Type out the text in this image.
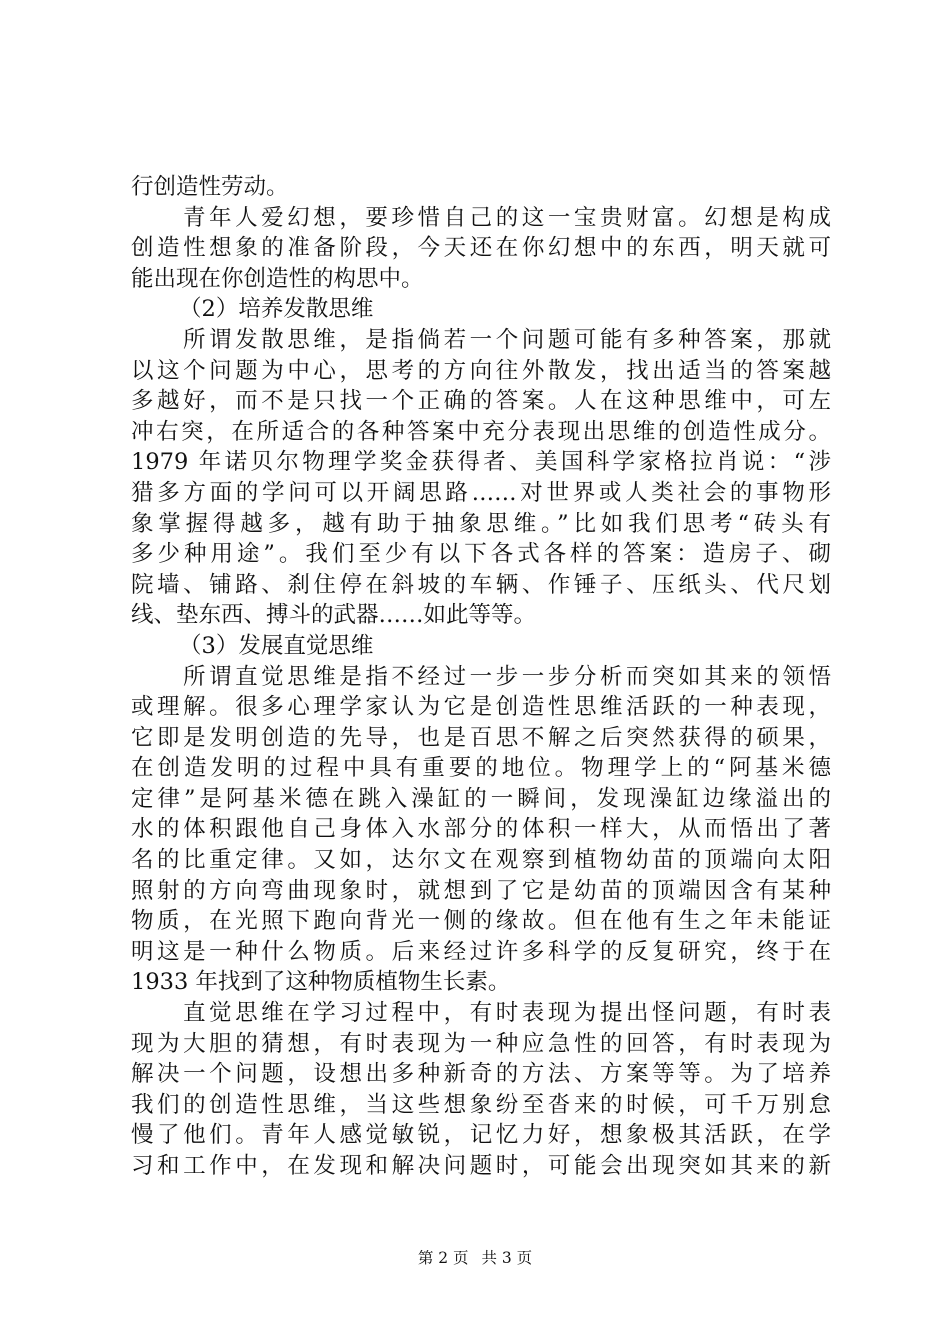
行创造性劳动。
青年人爱幻想，要珍惜自己的这一宝贵财富。幻想是构成
创造性想象的准备阶段，今天还在你幻想中的东西，明天就可
能出现在你创造性的构思中。
（2）培养发散思维
所谓发散思维，是指倘若一个问题可能有多种答案，那就
以这个问题为中心，思考的方向往外散发，找出适当的答案越
多越好，而不是只找一个正确的答案。人在这种思维中，可左
冲右突，在所适合的各种答案中充分表现出思维的创造性成分。
1979 年诺贝尔物理学奖金获得者、美国科学家格拉肖说：“涉
猎多方面的学问可以开阔思路……对世界或人类社会的事物形
象掌握得越多，越有助于抽象思维。”比如我们思考“砖头有
多少种用途”。我们至少有以下各式各样的答案：造房子、砌
院墙、铺路、刹住停在斜坡的车辆、作锤子、压纸头、代尺划
线、垫东西、搏斗的武器……如此等等。
（3）发展直觉思维
所谓直觉思维是指不经过一步一步分析而突如其来的领悟
或理解。很多心理学家认为它是创造性思维活跃的一种表现，
它即是发明创造的先导，也是百思不解之后突然获得的硕果，
在创造发明的过程中具有重要的地位。物理学上的“阿基米德
定律”是阿基米德在跳入澡缸的一瞬间，发现澡缸边缘溢出的
水的体积跟他自己身体入水部分的体积一样大，从而悟出了著
名的比重定律。又如，达尔文在观察到植物幼苗的顶端向太阳
照射的方向弯曲现象时，就想到了它是幼苗的顶端因含有某种
物质，在光照下跑向背光一侧的缘故。但在他有生之年未能证
明这是一种什么物质。后来经过许多科学的反复研究，终于在
1933 年找到了这种物质植物生长素。
直觉思维在学习过程中，有时表现为提出怪问题，有时表
现为大胆的猜想，有时表现为一种应急性的回答，有时表现为
解决一个问题，设想出多种新奇的方法、方案等等。为了培养
我们的创造性思维，当这些想象纷至沓来的时候，可千万别怠
慢了他们。青年人感觉敏锐，记忆力好，想象极其活跃，在学
习和工作中，在发现和解决问题时，可能会出现突如其来的新
第 2 页 共 3 页
